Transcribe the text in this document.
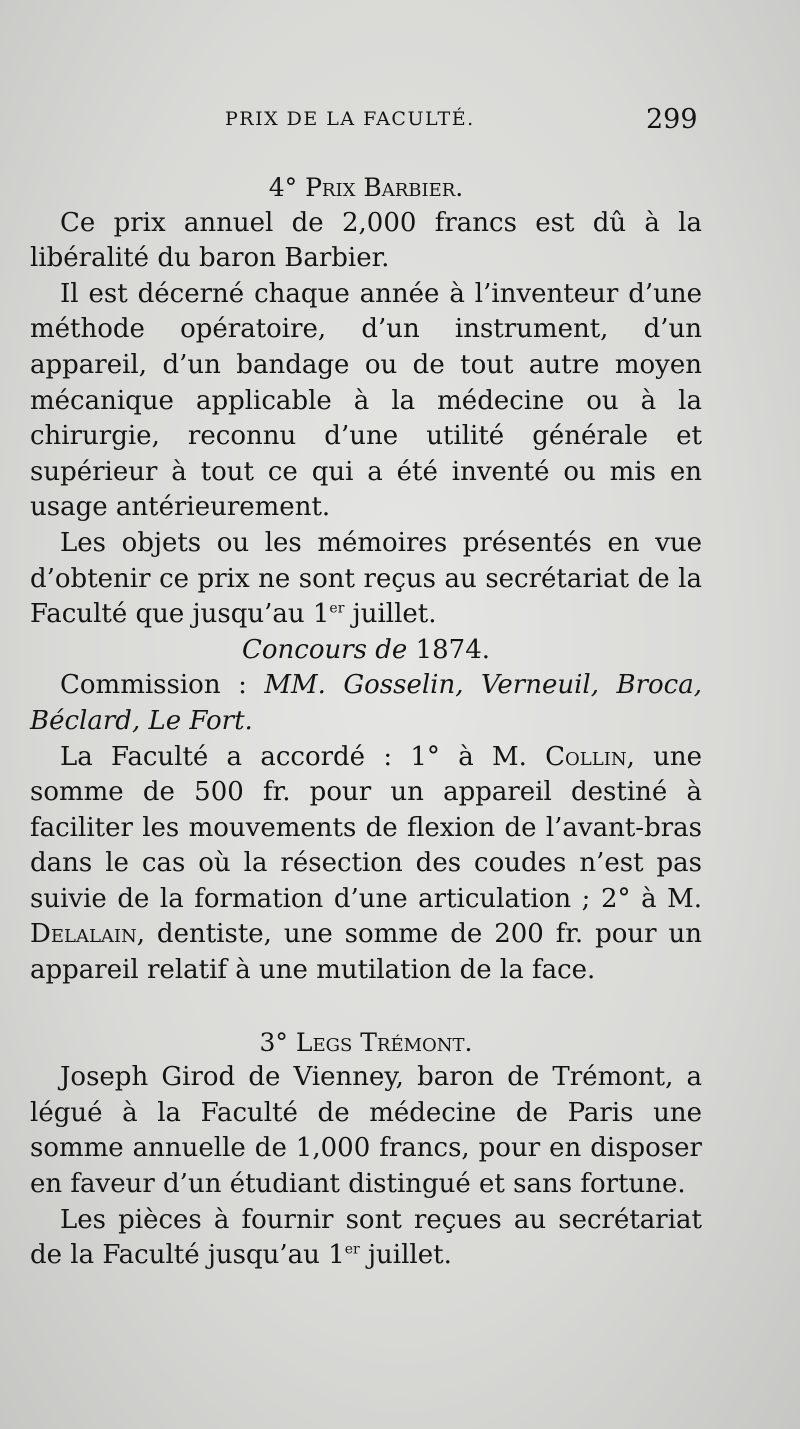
PRIX DE LA FACULTÉ.	299

4° Prix Barbier.

Ce prix annuel de 2,000 francs est dû à la libéralité du baron Barbier.

Il est décerné chaque année à l’inventeur d’une méthode opératoire, d’un instrument, d’un appareil, d’un bandage ou de tout autre moyen mécanique applicable à la médecine ou à la chirurgie, reconnu d’une utilité générale et supérieur à tout ce qui a été inventé ou mis en usage antérieurement.

Les objets ou les mémoires présentés en vue d’obtenir ce prix ne sont reçus au secrétariat de la Faculté que jusqu’au 1er juillet.

Concours de 1874.

Commission : MM. Gosselin, Verneuil, Broca, Béclard, Le Fort.

La Faculté a accordé : 1° à M. Collin, une somme de 500 fr. pour un appareil destiné à faciliter les mouvements de flexion de l’avant-bras dans le cas où la résection des coudes n’est pas suivie de la formation d’une articulation ; 2° à M. Delalain, dentiste, une somme de 200 fr. pour un appareil relatif à une mutilation de la face.

3° Legs Trémont.

Joseph Girod de Vienney, baron de Trémont, a légué à la Faculté de médecine de Paris une somme annuelle de 1,000 francs, pour en disposer en faveur d’un étudiant distingué et sans fortune.

Les pièces à fournir sont reçues au secrétariat de la Faculté jusqu’au 1er juillet.
